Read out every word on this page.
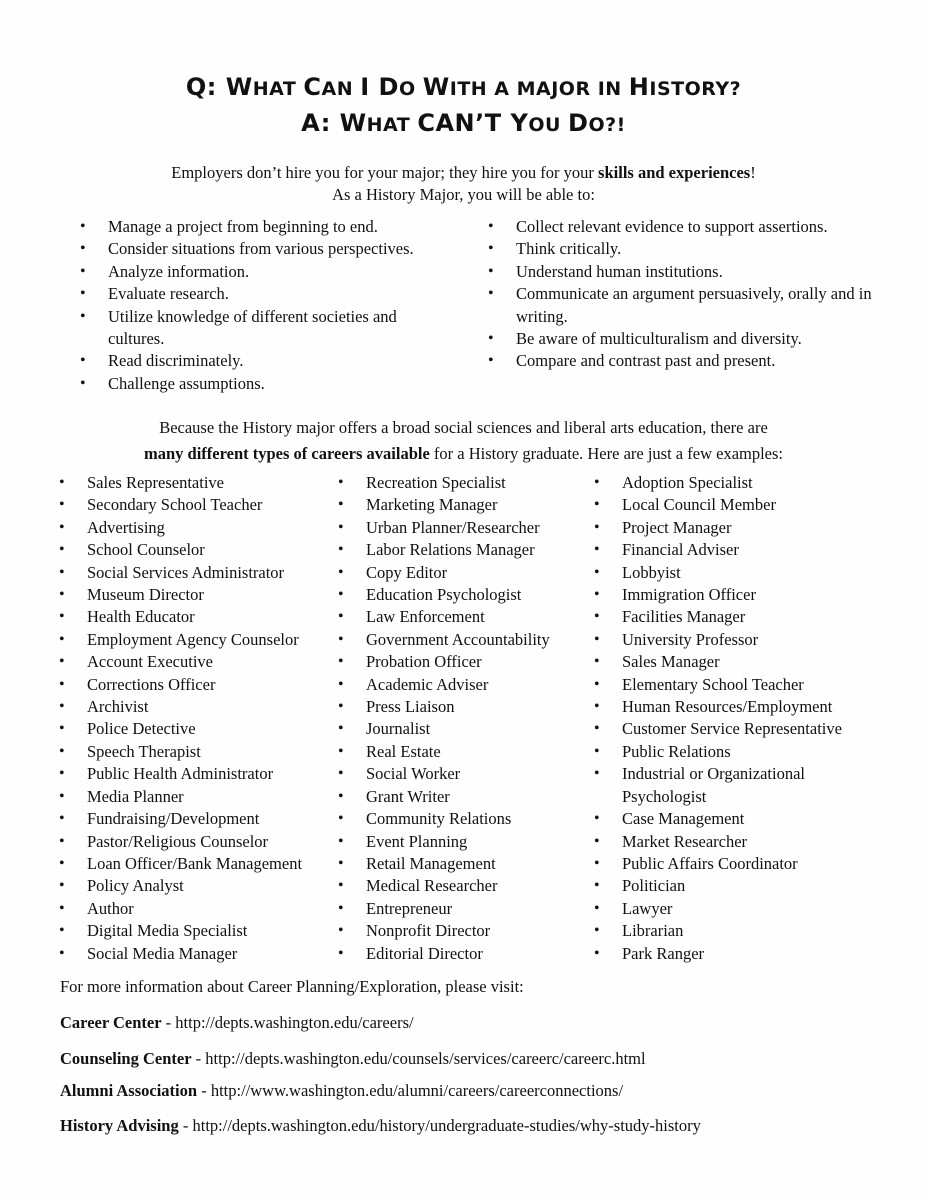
Q: WHAT CAN I DO WITH A MAJOR IN HISTORY?
A: WHAT CAN’T YOU DO?!
Employers don’t hire you for your major; they hire you for your skills and experiences!
As a History Major, you will be able to:
• Manage a project from beginning to end.
• Consider situations from various perspectives.
• Analyze information.
• Evaluate research.
• Utilize knowledge of different societies and cultures.
• Read discriminately.
• Challenge assumptions.
• Collect relevant evidence to support assertions.
• Think critically.
• Understand human institutions.
• Communicate an argument persuasively, orally and in writing.
• Be aware of multiculturalism and diversity.
• Compare and contrast past and present.
Because the History major offers a broad social sciences and liberal arts education, there are
many different types of careers available for a History graduate. Here are just a few examples:
• Sales Representative
• Secondary School Teacher
• Advertising
• School Counselor
• Social Services Administrator
• Museum Director
• Health Educator
• Employment Agency Counselor
• Account Executive
• Corrections Officer
• Archivist
• Police Detective
• Speech Therapist
• Public Health Administrator
• Media Planner
• Fundraising/Development
• Pastor/Religious Counselor
• Loan Officer/Bank Management
• Policy Analyst
• Author
• Digital Media Specialist
• Social Media Manager
• Recreation Specialist
• Marketing Manager
• Urban Planner/Researcher
• Labor Relations Manager
• Copy Editor
• Education Psychologist
• Law Enforcement
• Government Accountability
• Probation Officer
• Academic Adviser
• Press Liaison
• Journalist
• Real Estate
• Social Worker
• Grant Writer
• Community Relations
• Event Planning
• Retail Management
• Medical Researcher
• Entrepreneur
• Nonprofit Director
• Editorial Director
• Adoption Specialist
• Local Council Member
• Project Manager
• Financial Adviser
• Lobbyist
• Immigration Officer
• Facilities Manager
• University Professor
• Sales Manager
• Elementary School Teacher
• Human Resources/Employment
• Customer Service Representative
• Public Relations
• Industrial or Organizational Psychologist
• Case Management
• Market Researcher
• Public Affairs Coordinator
• Politician
• Lawyer
• Librarian
• Park Ranger
For more information about Career Planning/Exploration, please visit:
Career Center - http://depts.washington.edu/careers/
Counseling Center - http://depts.washington.edu/counsels/services/careerc/careerc.html
Alumni Association - http://www.washington.edu/alumni/careers/careerconnections/
History Advising - http://depts.washington.edu/history/undergraduate-studies/why-study-history
